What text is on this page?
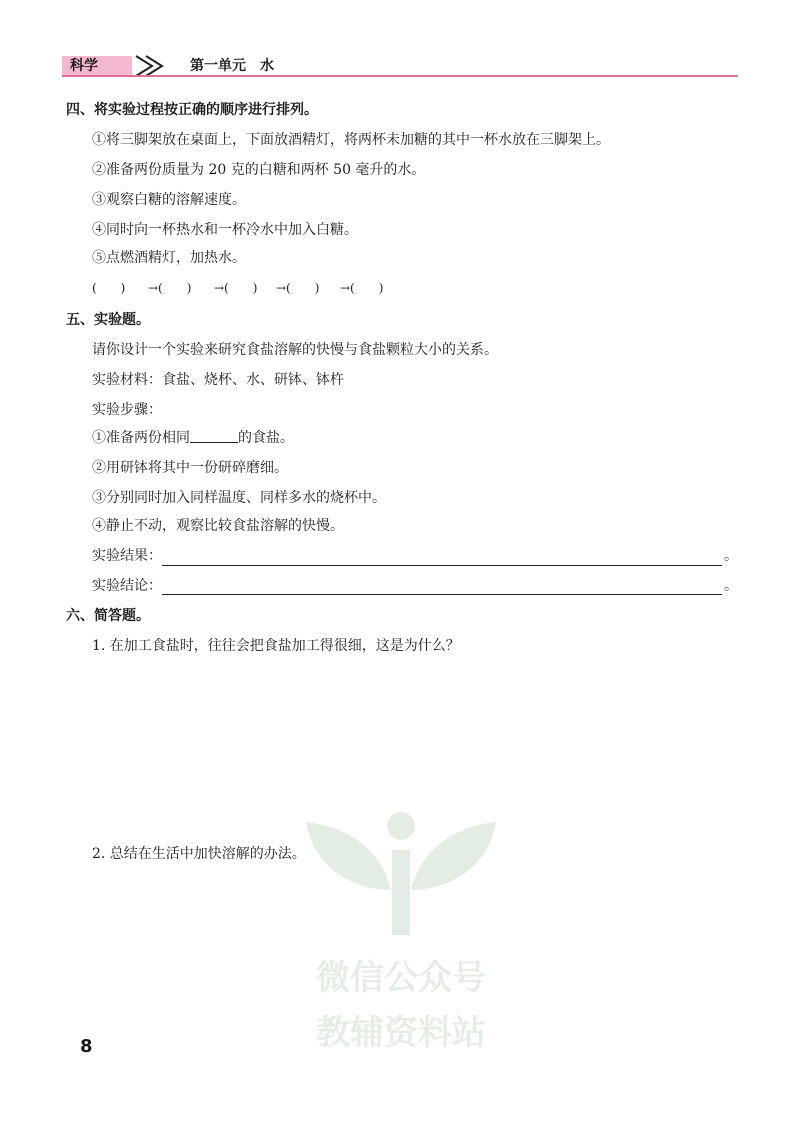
科学	第一单元　水
四、将实验过程按正确的顺序进行排列。
①将三脚架放在桌面上，下面放酒精灯，将两杯未加糖的其中一杯水放在三脚架上。
②准备两份质量为 20 克的白糖和两杯 50 毫升的水。
③观察白糖的溶解速度。
④同时向一杯热水和一杯冷水中加入白糖。
⑤点燃酒精灯，加热水。
(　　) →(　　) →(　　) →(　　) →(　　)
五、实验题。
请你设计一个实验来研究食盐溶解的快慢与食盐颗粒大小的关系。
实验材料：食盐、烧杯、水、研钵、钵杵
实验步骤：
①准备两份相同	的食盐。
②用研钵将其中一份研碎磨细。
③分别同时加入同样温度、同样多水的烧杯中。
④静止不动，观察比较食盐溶解的快慢。
实验结果：	。
实验结论：	。
六、简答题。
1. 在加工食盐时，往往会把食盐加工得很细，这是为什么？
2. 总结在生活中加快溶解的办法。
微信公众号
教辅资料站
8
